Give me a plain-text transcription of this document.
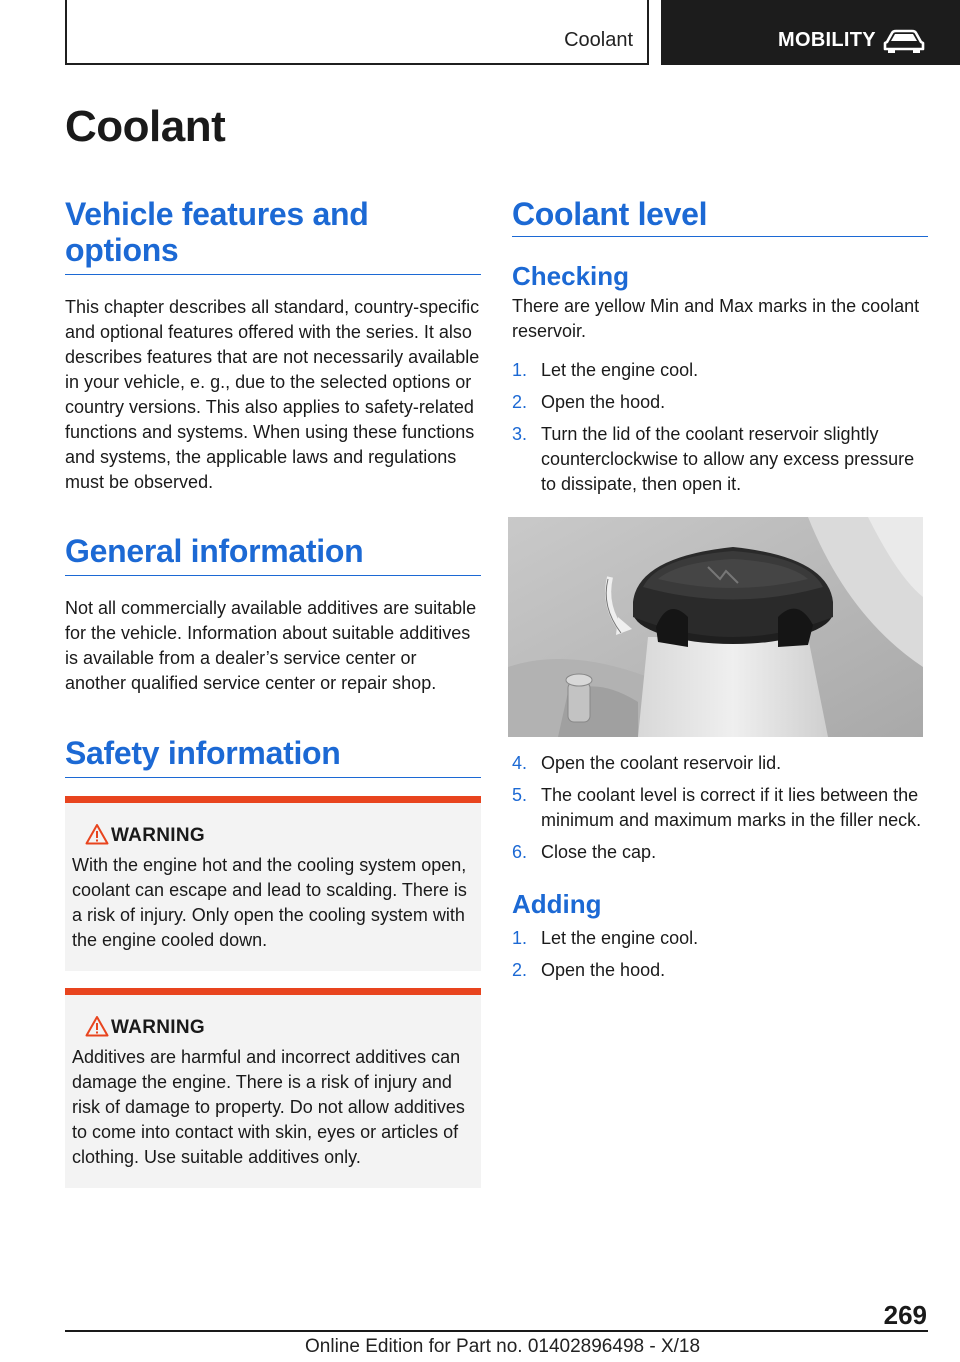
Coolant	MOBILITY
Coolant
Vehicle features and options

This chapter describes all standard, country-specific and optional features offered with the series. It also describes features that are not necessarily available in your vehicle, e. g., due to the selected options or country versions. This also applies to safety-related functions and systems. When using these functions and systems, the applicable laws and regulations must be observed.

General information

Not all commercially available additives are suitable for the vehicle. Information about suitable additives is available from a dealer’s service center or another qualified service center or repair shop.

Safety information
WARNING

With the engine hot and the cooling system open, coolant can escape and lead to scalding. There is a risk of injury. Only open the cooling system with the engine cooled down.

WARNING

Additives are harmful and incorrect additives can damage the engine. There is a risk of injury and risk of damage to property. Do not allow additives to come into contact with skin, eyes or articles of clothing. Use suitable additives only.

Coolant level
Checking

There are yellow Min and Max marks in the coolant reservoir.

1. Let the engine cool.
2. Open the hood.
3. Turn the lid of the coolant reservoir slightly counterclockwise to allow any excess pressure to dissipate, then open it.
4. Open the coolant reservoir lid.
5. The coolant level is correct if it lies between the minimum and maximum marks in the filler neck.
6. Close the cap.
Adding
1. Let the engine cool.
2. Open the hood.
269
Online Edition for Part no. 01402896498 - X/18
